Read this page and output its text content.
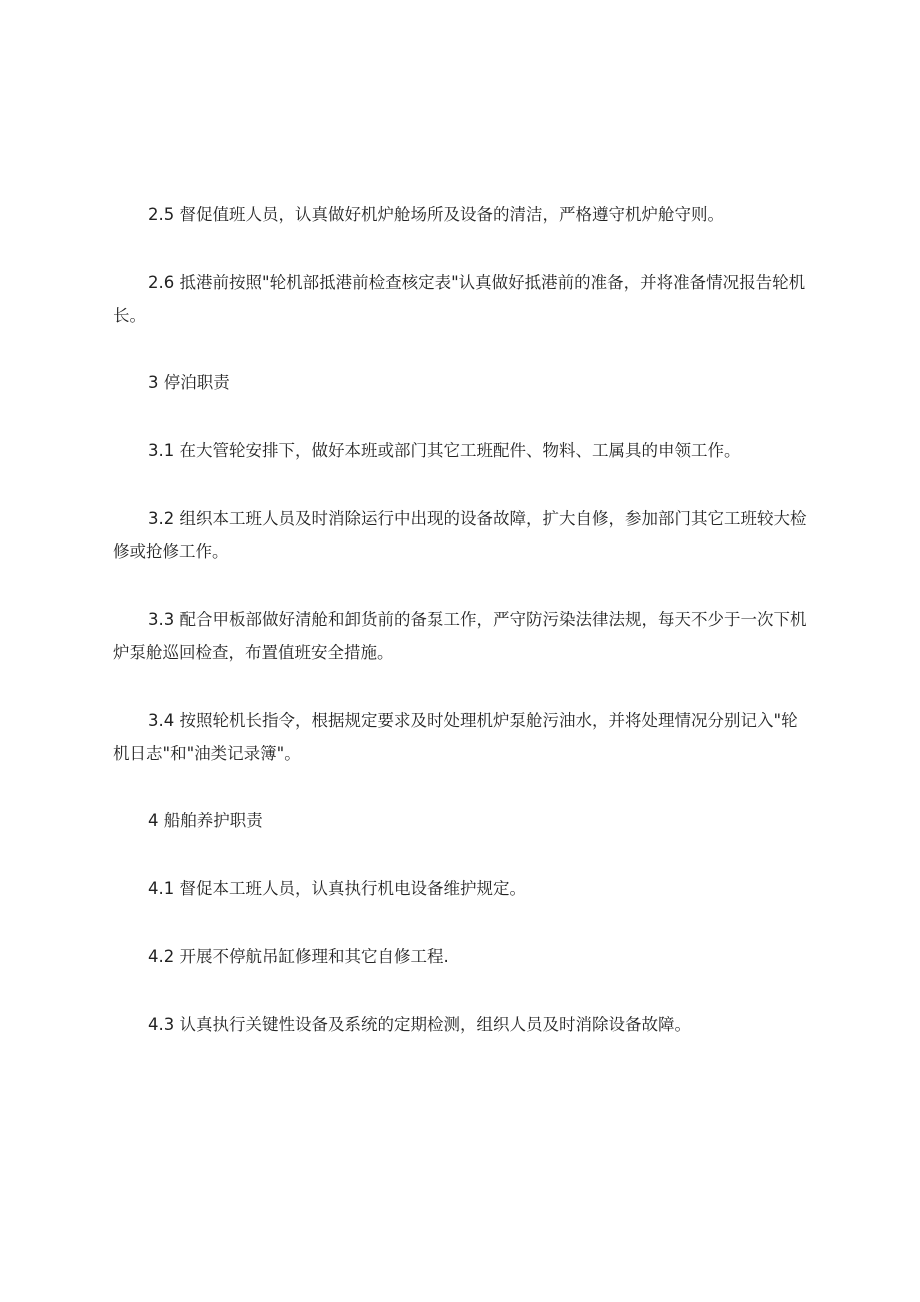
2.5 督促值班人员，认真做好机炉舱场所及设备的清洁，严格遵守机炉舱守则。

2.6 抵港前按照"轮机部抵港前检查核定表"认真做好抵港前的准备，并将准备情况报告轮机长。

3 停泊职责

3.1 在大管轮安排下，做好本班或部门其它工班配件、物料、工属具的申领工作。

3.2 组织本工班人员及时消除运行中出现的设备故障，扩大自修，参加部门其它工班较大检修或抢修工作。

3.3 配合甲板部做好清舱和卸货前的备泵工作，严守防污染法律法规，每天不少于一次下机炉泵舱巡回检查，布置值班安全措施。

3.4 按照轮机长指令，根据规定要求及时处理机炉泵舱污油水，并将处理情况分别记入"轮机日志"和"油类记录簿"。

4 船舶养护职责

4.1 督促本工班人员，认真执行机电设备维护规定。

4.2 开展不停航吊缸修理和其它自修工程.

4.3 认真执行关键性设备及系统的定期检测，组织人员及时消除设备故障。
